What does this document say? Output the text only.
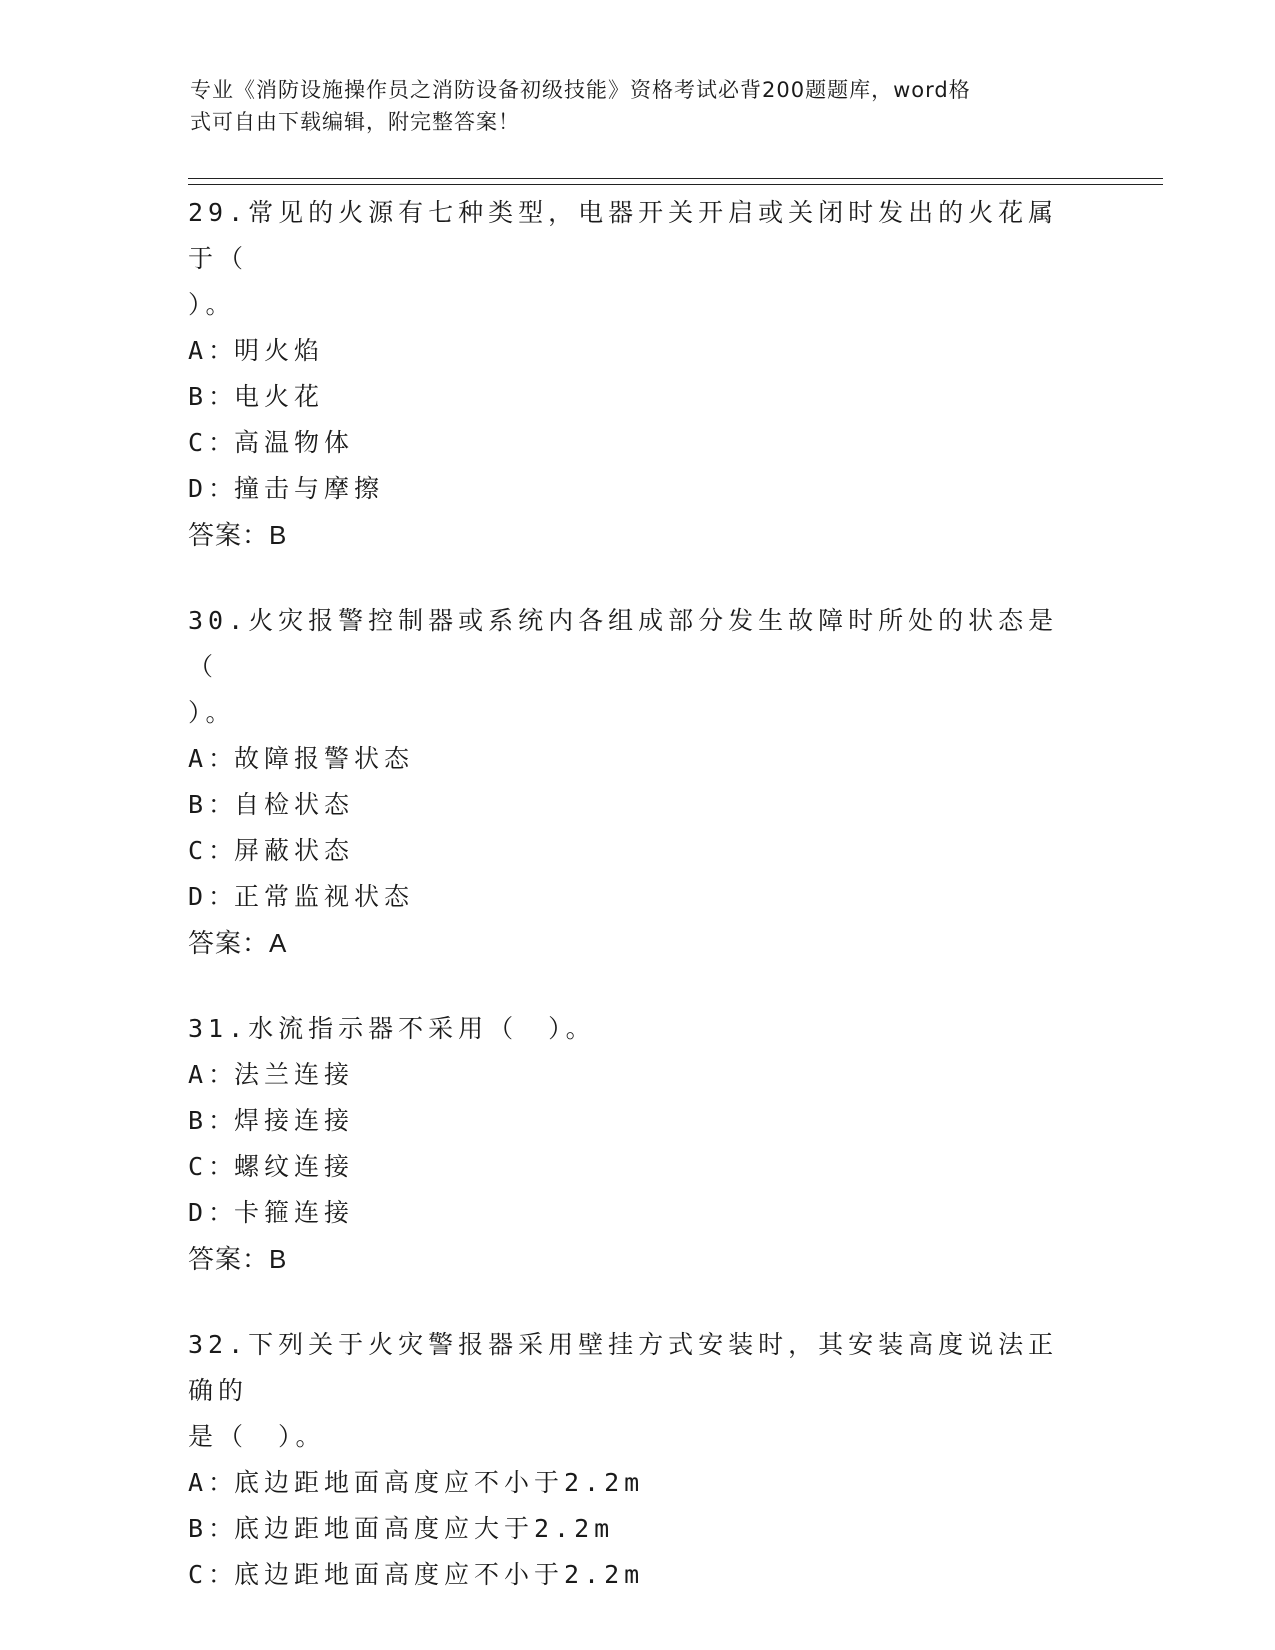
专业《消防设施操作员之消防设备初级技能》资格考试必背200题题库，word格
式可自由下载编辑，附完整答案！
29.常见的火源有七种类型，电器开关开启或关闭时发出的火花属于（
）。
A：明火焰
B：电火花
C：高温物体
D：撞击与摩擦
答案：B
30.火灾报警控制器或系统内各组成部分发生故障时所处的状态是（
）。
A：故障报警状态
B：自检状态
C：屏蔽状态
D：正常监视状态
答案：A
31.水流指示器不采用（　）。
A：法兰连接
B：焊接连接
C：螺纹连接
D：卡箍连接
答案：B
32.下列关于火灾警报器采用壁挂方式安装时，其安装高度说法正确的
是（　）。
A：底边距地面高度应不小于2.2m
B：底边距地面高度应大于2.2m
C：底边距地面高度应不小于2.2m
